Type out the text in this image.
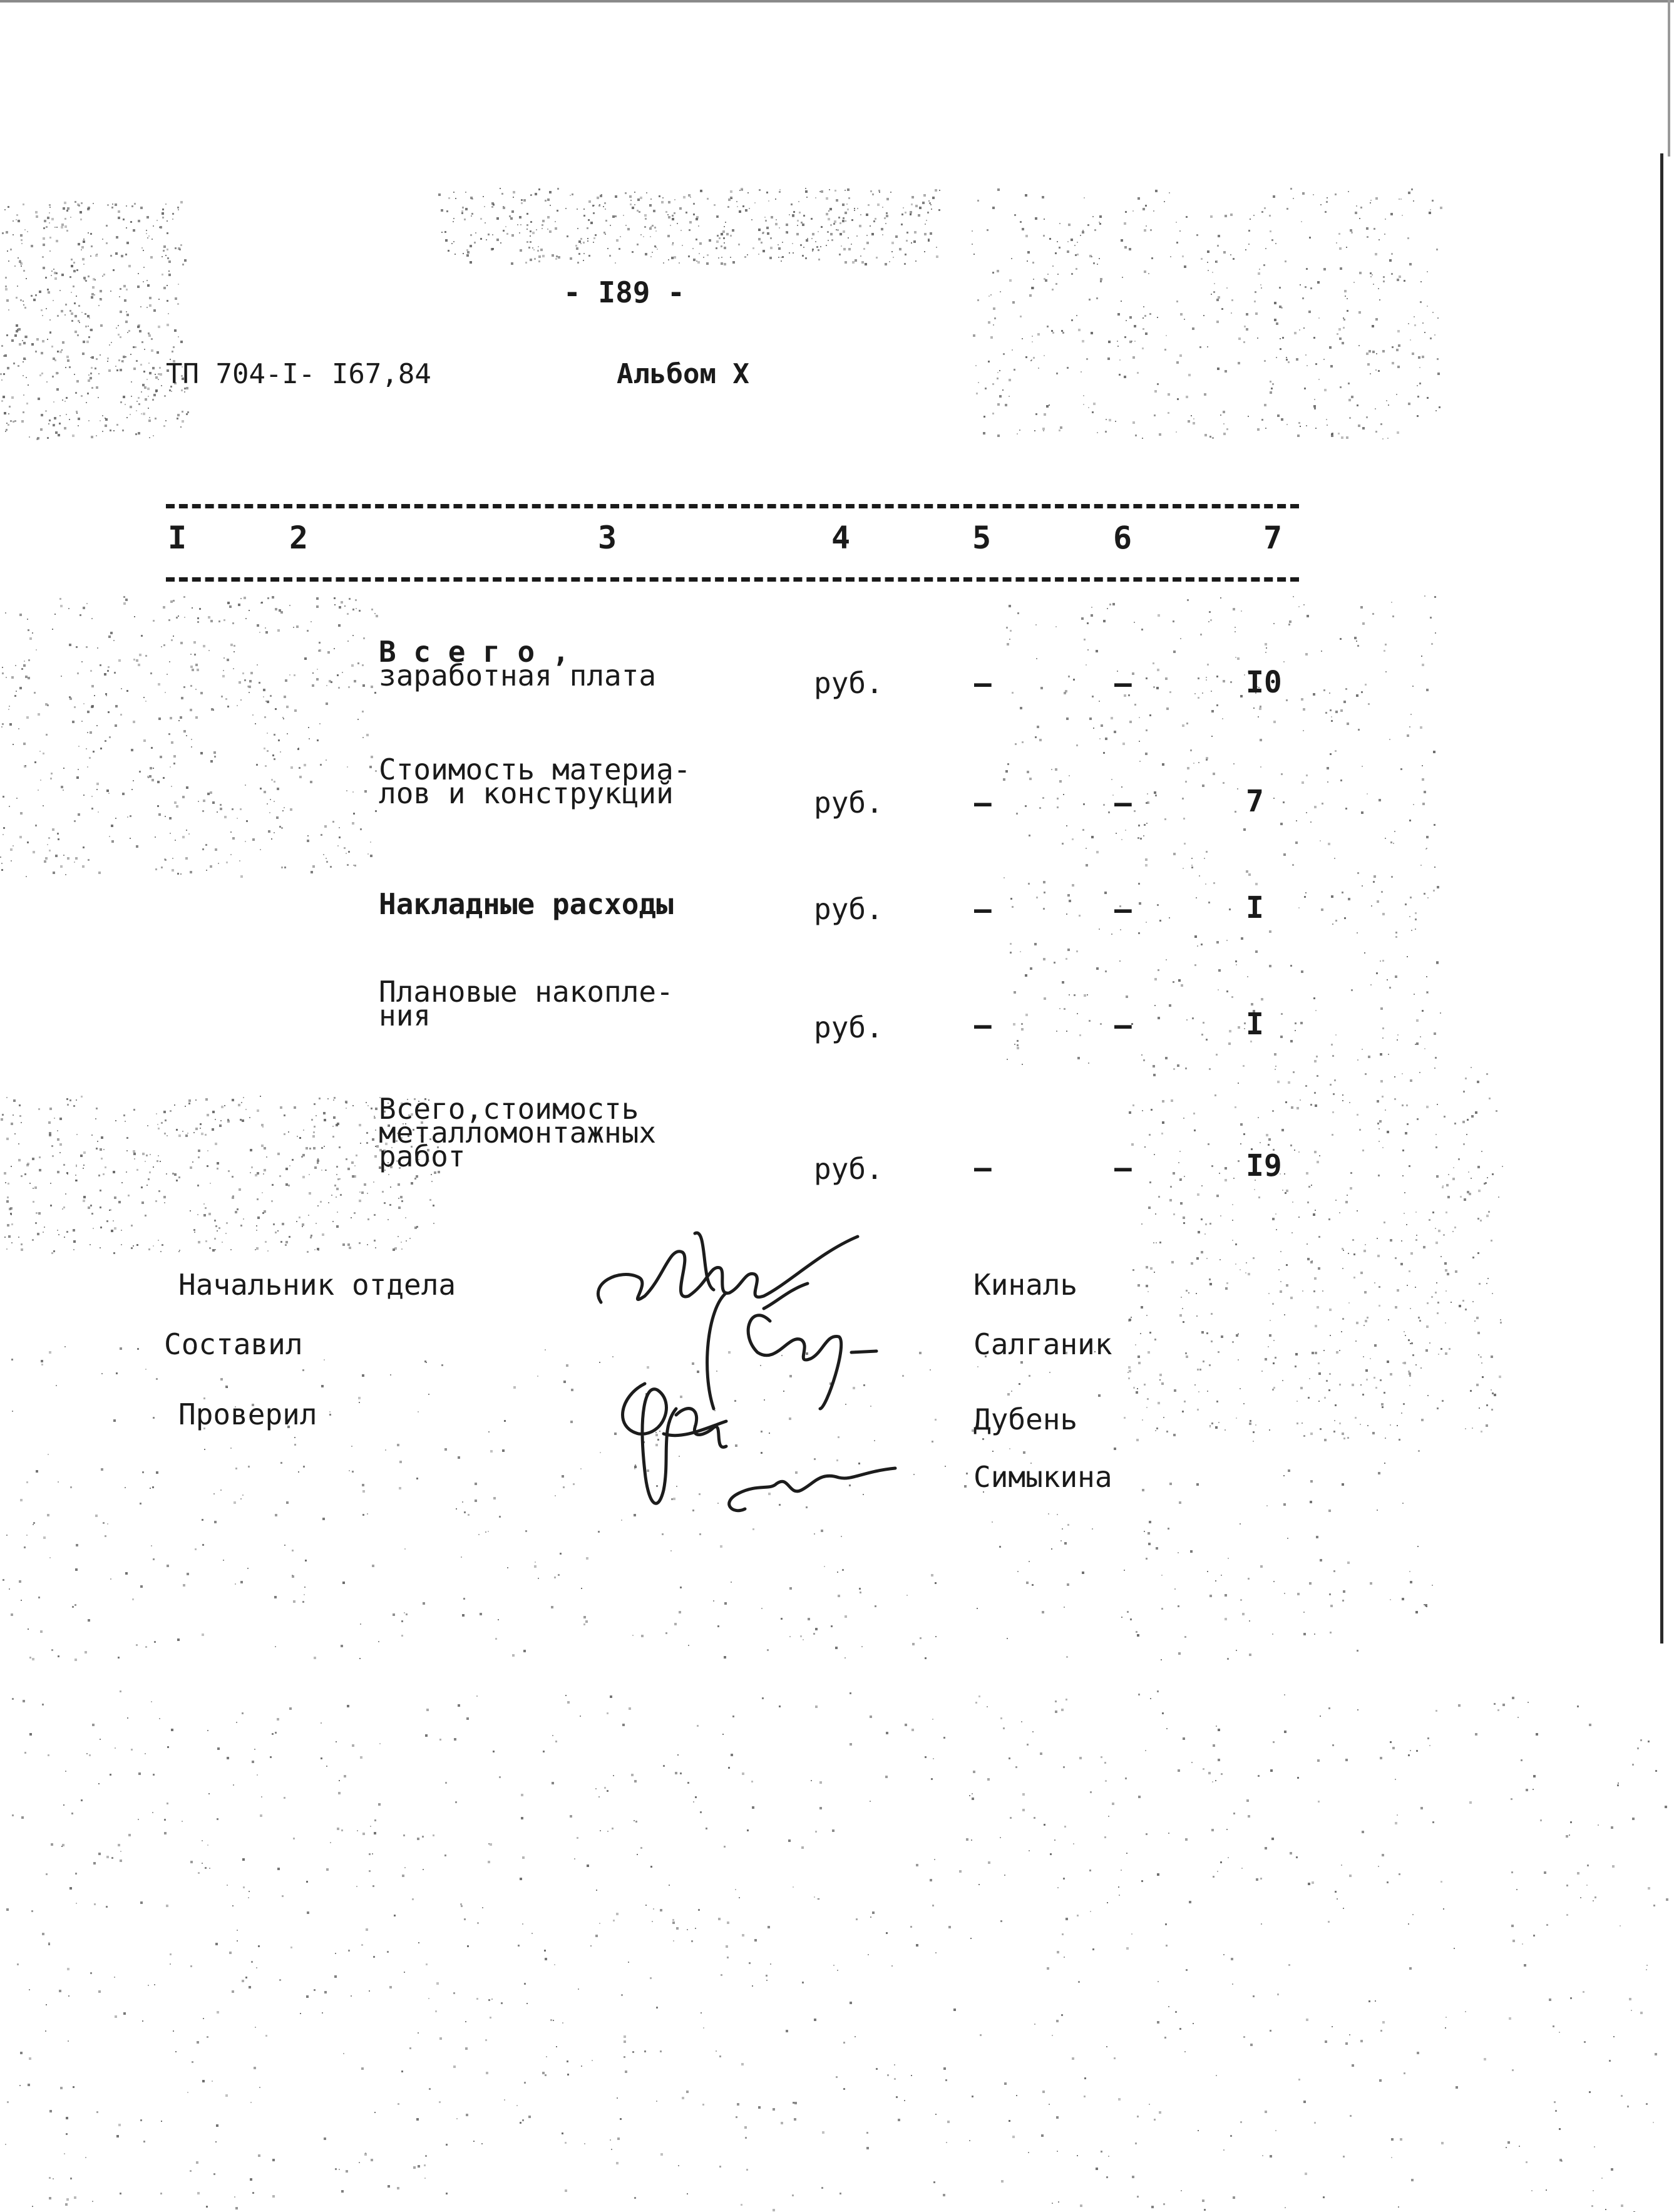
- I89 -
ТП 704-I- I67,84	Альбом X
I	2	3	4	5	6	7
В с е г о ,
заработная плата	руб.	–	–	I0
Стоимость материа-
лов и конструкций	руб.	–	–	7
Накладные расходы	руб.	–	–	I
Плановые накопле-
ния	руб.	–	–	I
Всего,стоимость
металломонтажных
работ	руб.	–	–	I9
Начальник отдела	Киналь
Составил	Салганик
Проверил	Дубень
Симыкина
